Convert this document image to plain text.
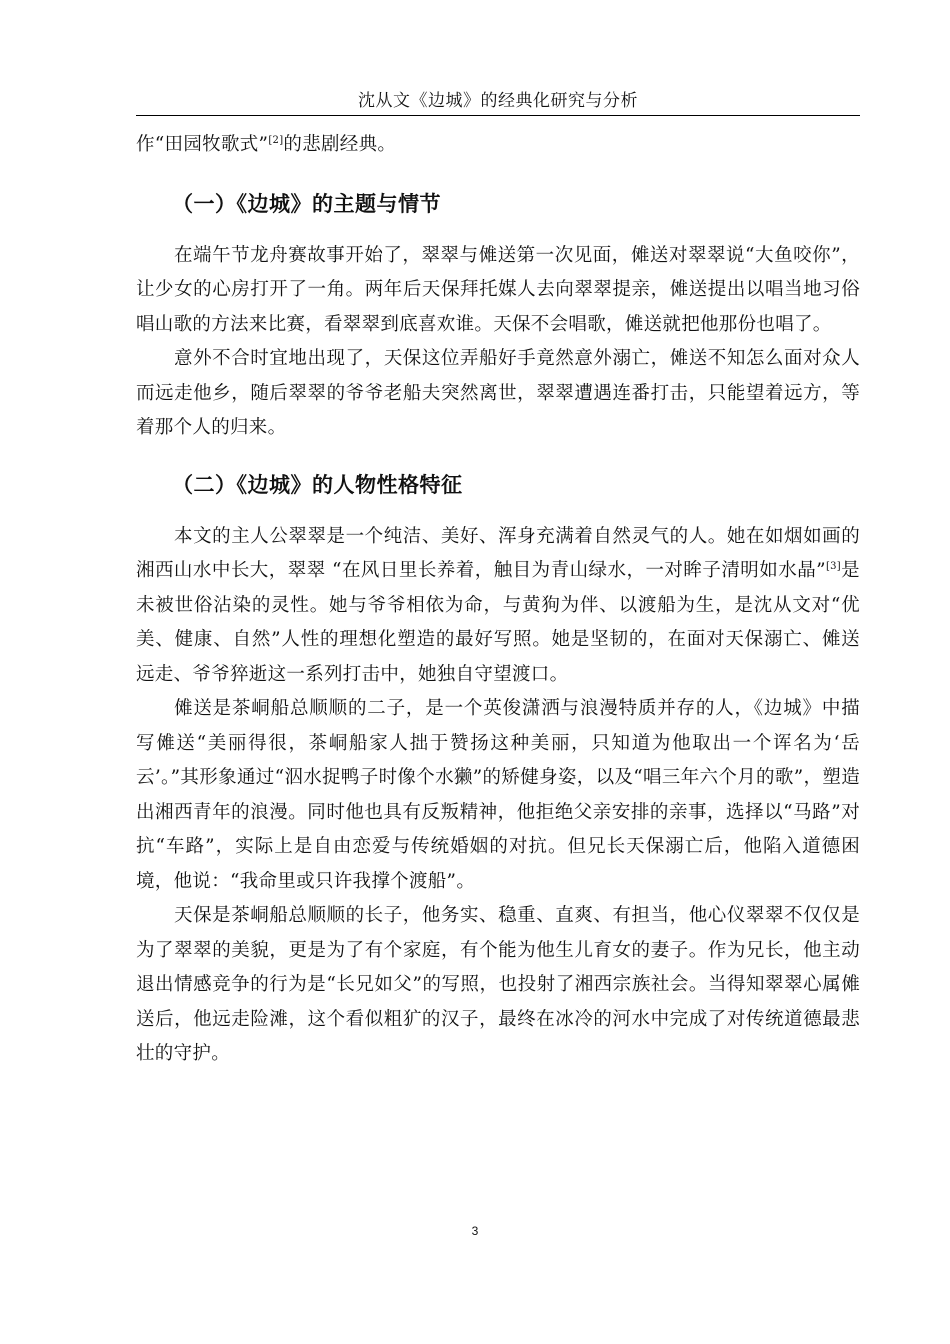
沈从文《边城》的经典化研究与分析

作“田园牧歌式”[2]的悲剧经典。

（一）《边城》的主题与情节

在端午节龙舟赛故事开始了，翠翠与傩送第一次见面，傩送对翠翠说“大鱼咬你”，让少女的心房打开了一角。两年后天保拜托媒人去向翠翠提亲，傩送提出以唱当地习俗唱山歌的方法来比赛，看翠翠到底喜欢谁。天保不会唱歌，傩送就把他那份也唱了。

意外不合时宜地出现了，天保这位弄船好手竟然意外溺亡，傩送不知怎么面对众人而远走他乡，随后翠翠的爷爷老船夫突然离世，翠翠遭遇连番打击，只能望着远方，等着那个人的归来。

（二）《边城》的人物性格特征

本文的主人公翠翠是一个纯洁、美好、浑身充满着自然灵气的人。她在如烟如画的湘西山水中长大，翠翠 “在风日里长养着，触目为青山绿水，一对眸子清明如水晶”[3]是未被世俗沾染的灵性。她与爷爷相依为命，与黄狗为伴、以渡船为生，是沈从文对“优美、健康、自然”人性的理想化塑造的最好写照。她是坚韧的，在面对天保溺亡、傩送远走、爷爷猝逝这一系列打击中，她独自守望渡口。

傩送是茶峒船总顺顺的二子，是一个英俊潇洒与浪漫特质并存的人，《边城》中描写傩送“美丽得很，茶峒船家人拙于赞扬这种美丽，只知道为他取出一个诨名为‘岳云’。”其形象通过“泅水捉鸭子时像个水獭”的矫健身姿，以及“唱三年六个月的歌”，塑造出湘西青年的浪漫。同时他也具有反叛精神，他拒绝父亲安排的亲事，选择以“马路”对抗“车路”，实际上是自由恋爱与传统婚姻的对抗。但兄长天保溺亡后，他陷入道德困境，他说：“我命里或只许我撑个渡船”。

天保是茶峒船总顺顺的长子，他务实、稳重、直爽、有担当，他心仪翠翠不仅仅是为了翠翠的美貌，更是为了有个家庭，有个能为他生儿育女的妻子。作为兄长，他主动退出情感竞争的行为是“长兄如父”的写照，也投射了湘西宗族社会。当得知翠翠心属傩送后，他远走险滩，这个看似粗犷的汉子，最终在冰冷的河水中完成了对传统道德最悲壮的守护。

3
